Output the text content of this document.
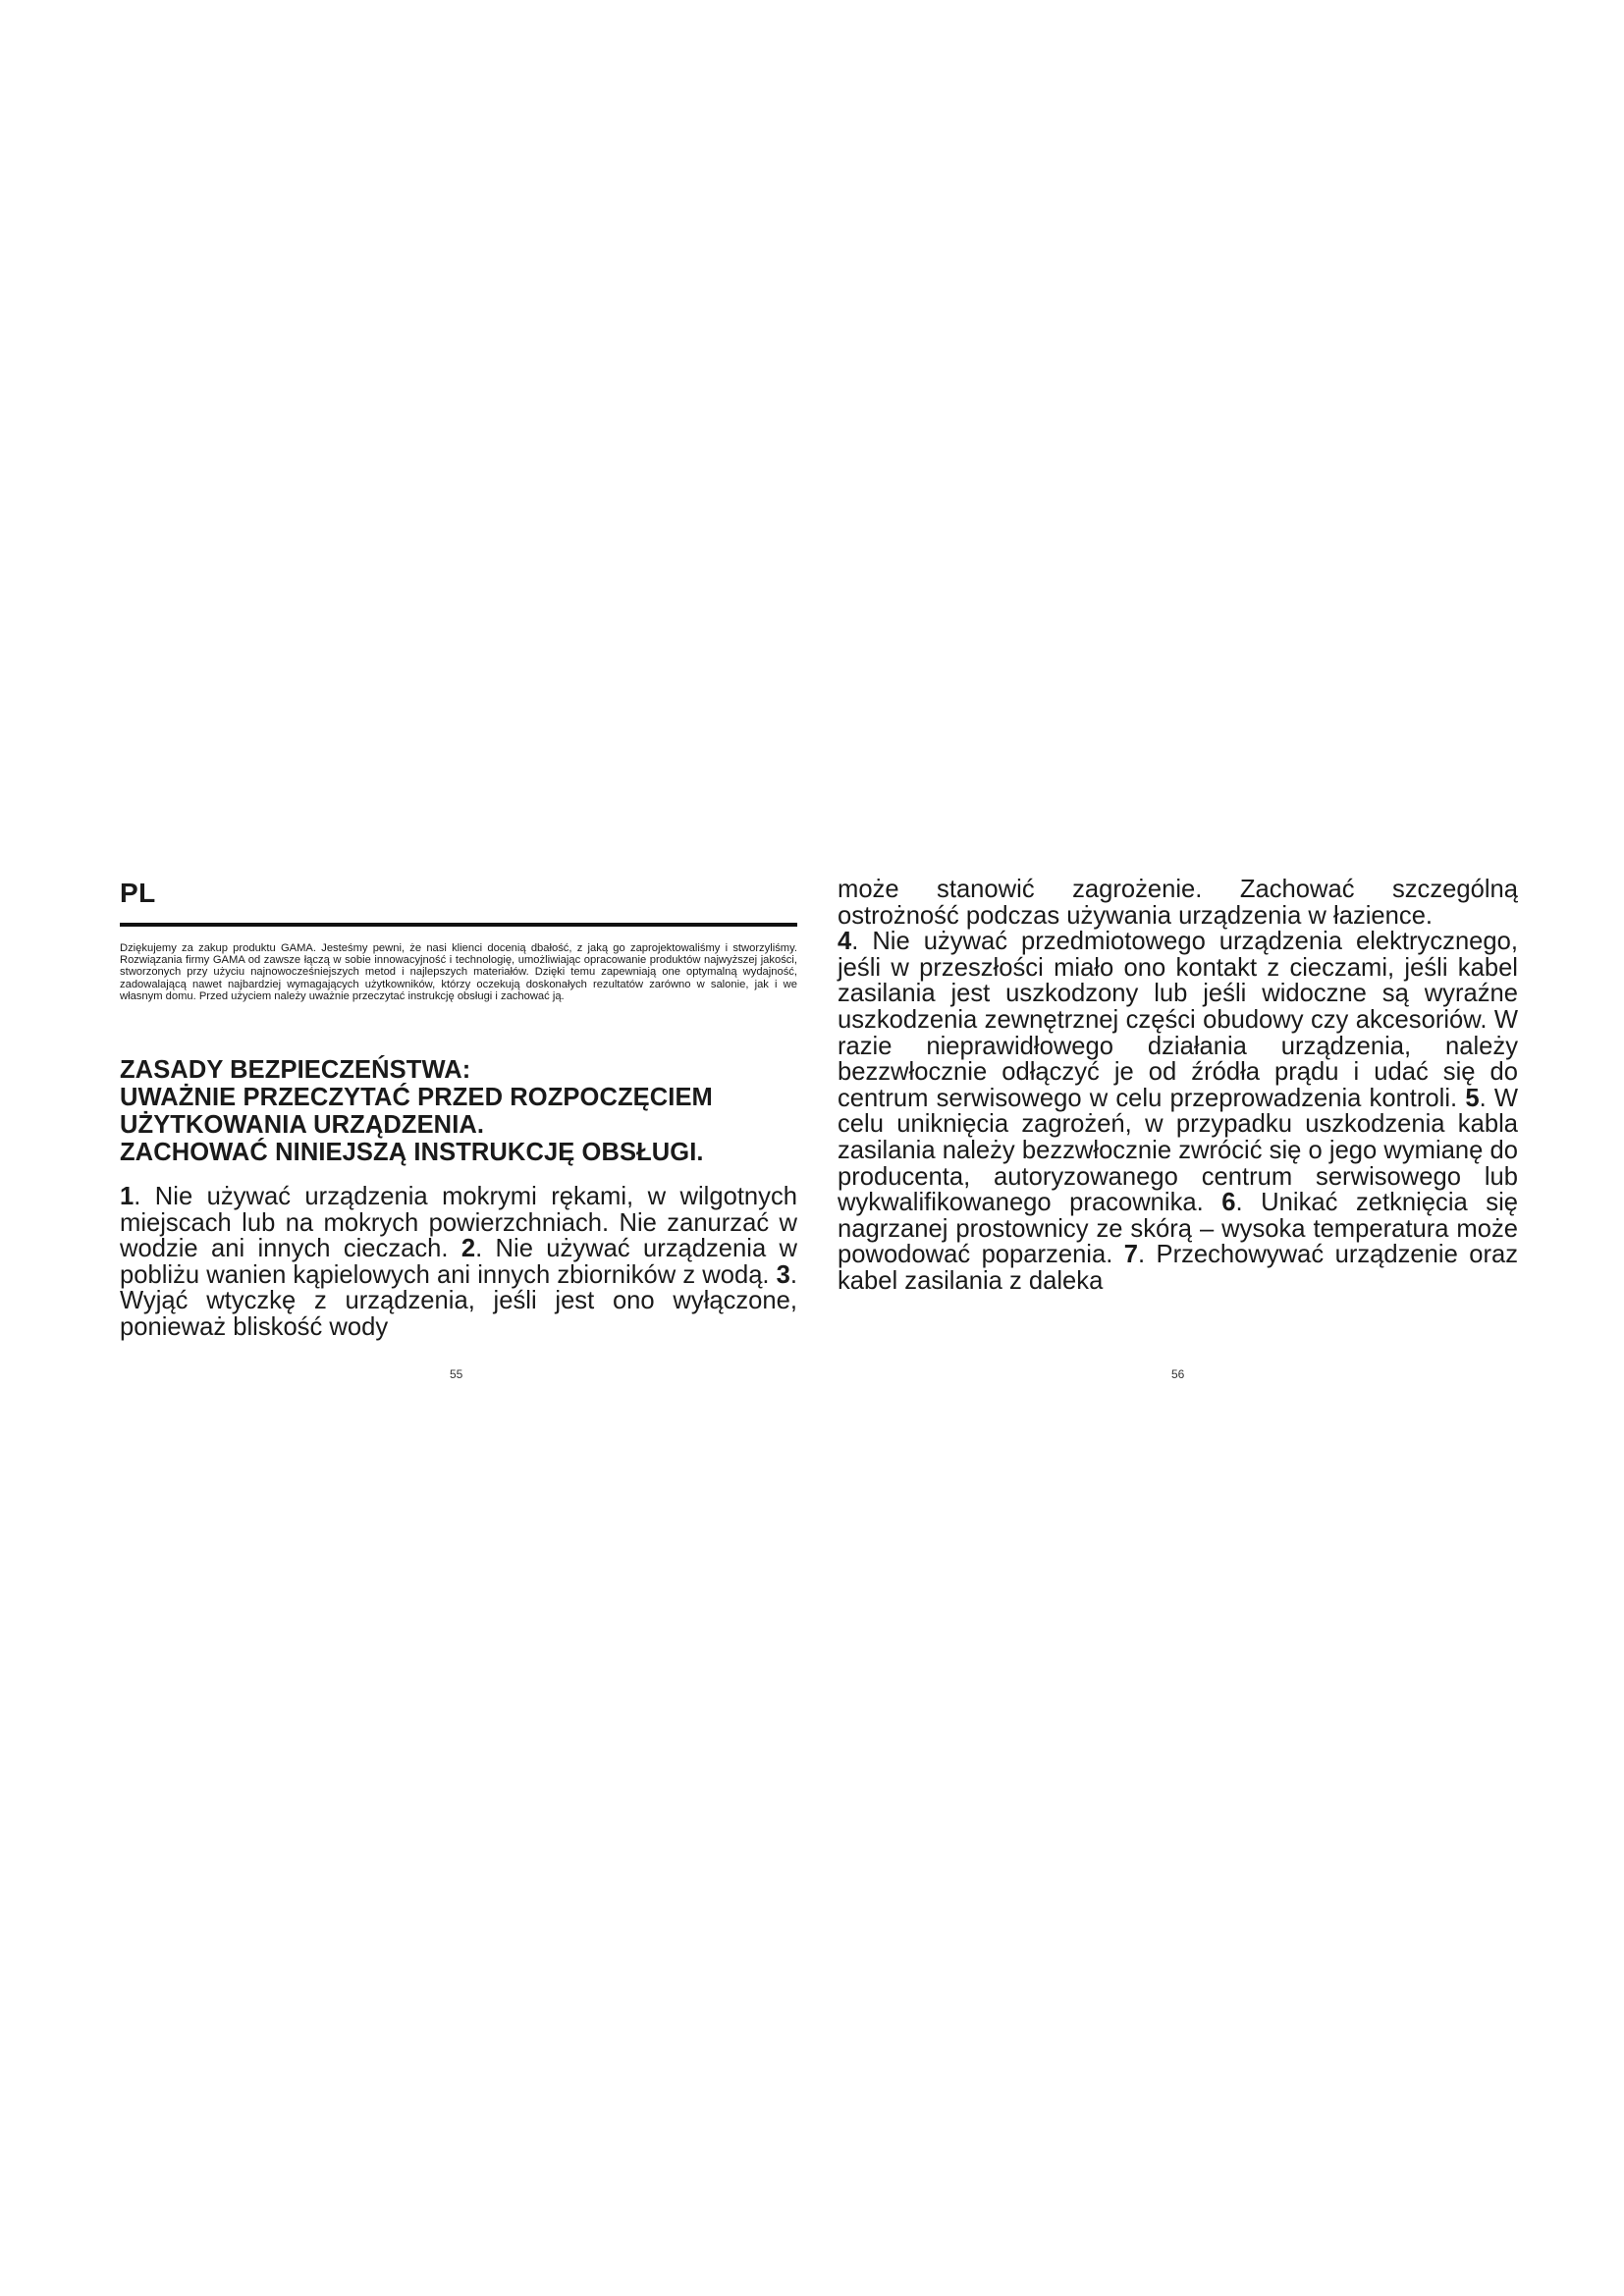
PL

Dziękujemy za zakup produktu GAMA. Jesteśmy pewni, że nasi klienci docenią dbałość, z jaką go zaprojektowaliśmy i stworzyliśmy. Rozwiązania firmy GAMA od zawsze łączą w sobie innowacyjność i technologię, umożliwiając opracowanie produktów najwyższej jakości, stworzonych przy użyciu najnowocześniejszych metod i najlepszych materiałów. Dzięki temu zapewniają one optymalną wydajność, zadowalającą nawet najbardziej wymagających użytkowników, którzy oczekują doskonałych rezultatów zarówno w salonie, jak i we własnym domu. Przed użyciem należy uważnie przeczytać instrukcję obsługi i zachować ją.

ZASADY BEZPIECZEŃSTWA:
UWAŻNIE PRZECZYTAĆ PRZED ROZPOCZĘCIEM
UŻYTKOWANIA URZĄDZENIA.
ZACHOWAĆ NINIEJSZĄ INSTRUKCJĘ OBSŁUGI.

1. Nie używać urządzenia mokrymi rękami, w wilgotnych miejscach lub na mokrych powierzchniach. Nie zanurzać w wodzie ani innych cieczach. 2. Nie używać urządzenia w pobliżu wanien kąpielowych ani innych zbiorników z wodą. 3. Wyjąć wtyczkę z urządzenia, jeśli jest ono wyłączone, ponieważ bliskość wody

55

może stanowić zagrożenie. Zachować szczególną ostrożność podczas używania urządzenia w łazience.
4. Nie używać przedmiotowego urządzenia elektrycznego, jeśli w przeszłości miało ono kontakt z cieczami, jeśli kabel zasilania jest uszkodzony lub jeśli widoczne są wyraźne uszkodzenia zewnętrznej części obudowy czy akcesoriów. W razie nieprawidłowego działania urządzenia, należy bezzwłocznie odłączyć je od źródła prądu i udać się do centrum serwisowego w celu przeprowadzenia kontroli. 5. W celu uniknięcia zagrożeń, w przypadku uszkodzenia kabla zasilania należy bezzwłocznie zwrócić się o jego wymianę do producenta, autoryzowanego centrum serwisowego lub wykwalifikowanego pracownika. 6. Unikać zetknięcia się nagrzanej prostownicy ze skórą – wysoka temperatura może powodować poparzenia. 7. Przechowywać urządzenie oraz kabel zasilania z daleka

56
